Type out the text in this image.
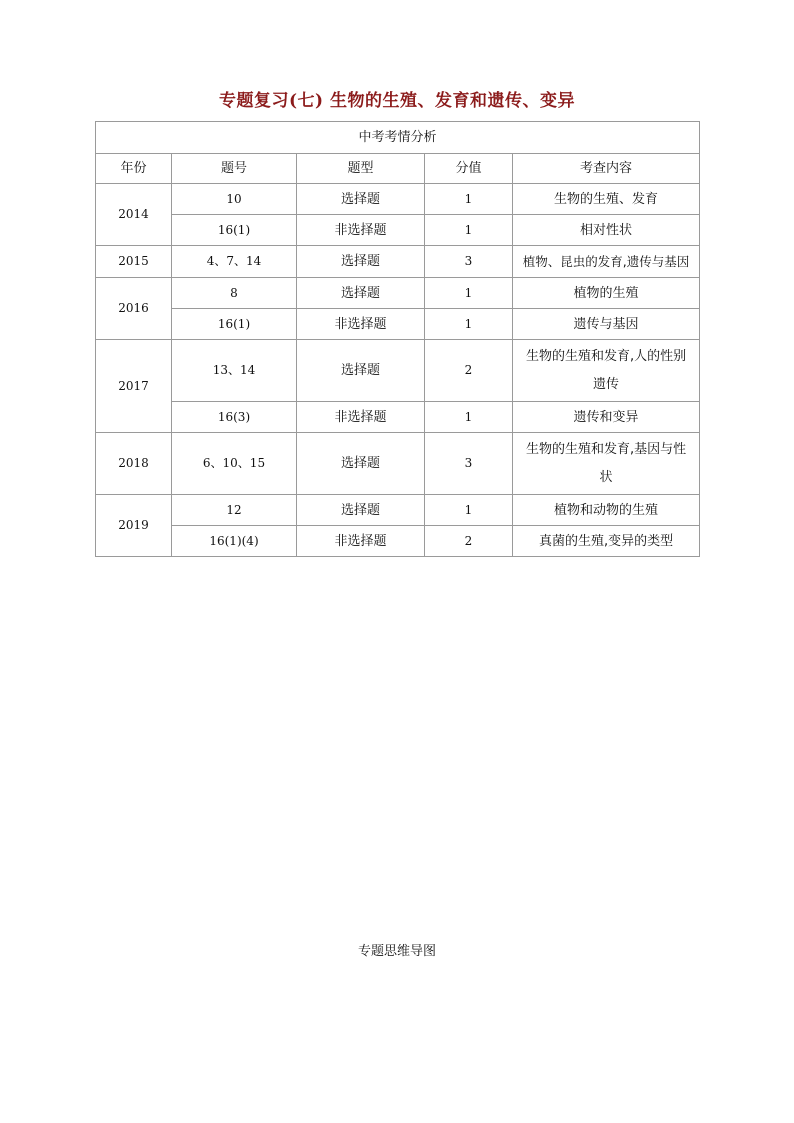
专题复习(七) 生物的生殖、发育和遗传、变异
中考考情分析				
年份	题号	题型	分值	考查内容
2014	10	选择题	1	生物的生殖、发育
	16(1)	非选择题	1	相对性状
2015	4、7、14	选择题	3	植物、昆虫的发育,遗传与基因
2016	8	选择题	1	植物的生殖
	16(1)	非选择题	1	遗传与基因
2017	13、14	选择题	2	生物的生殖和发育,人的性别
遗传

	16(3)	非选择题	1	遗传和变异
2018	6、10、15	选择题	3	生物的生殖和发育,基因与性
状

2019	12	选择题	1	植物和动物的生殖
	16(1)(4)	非选择题	2	真菌的生殖,变异的类型
专题思维导图
